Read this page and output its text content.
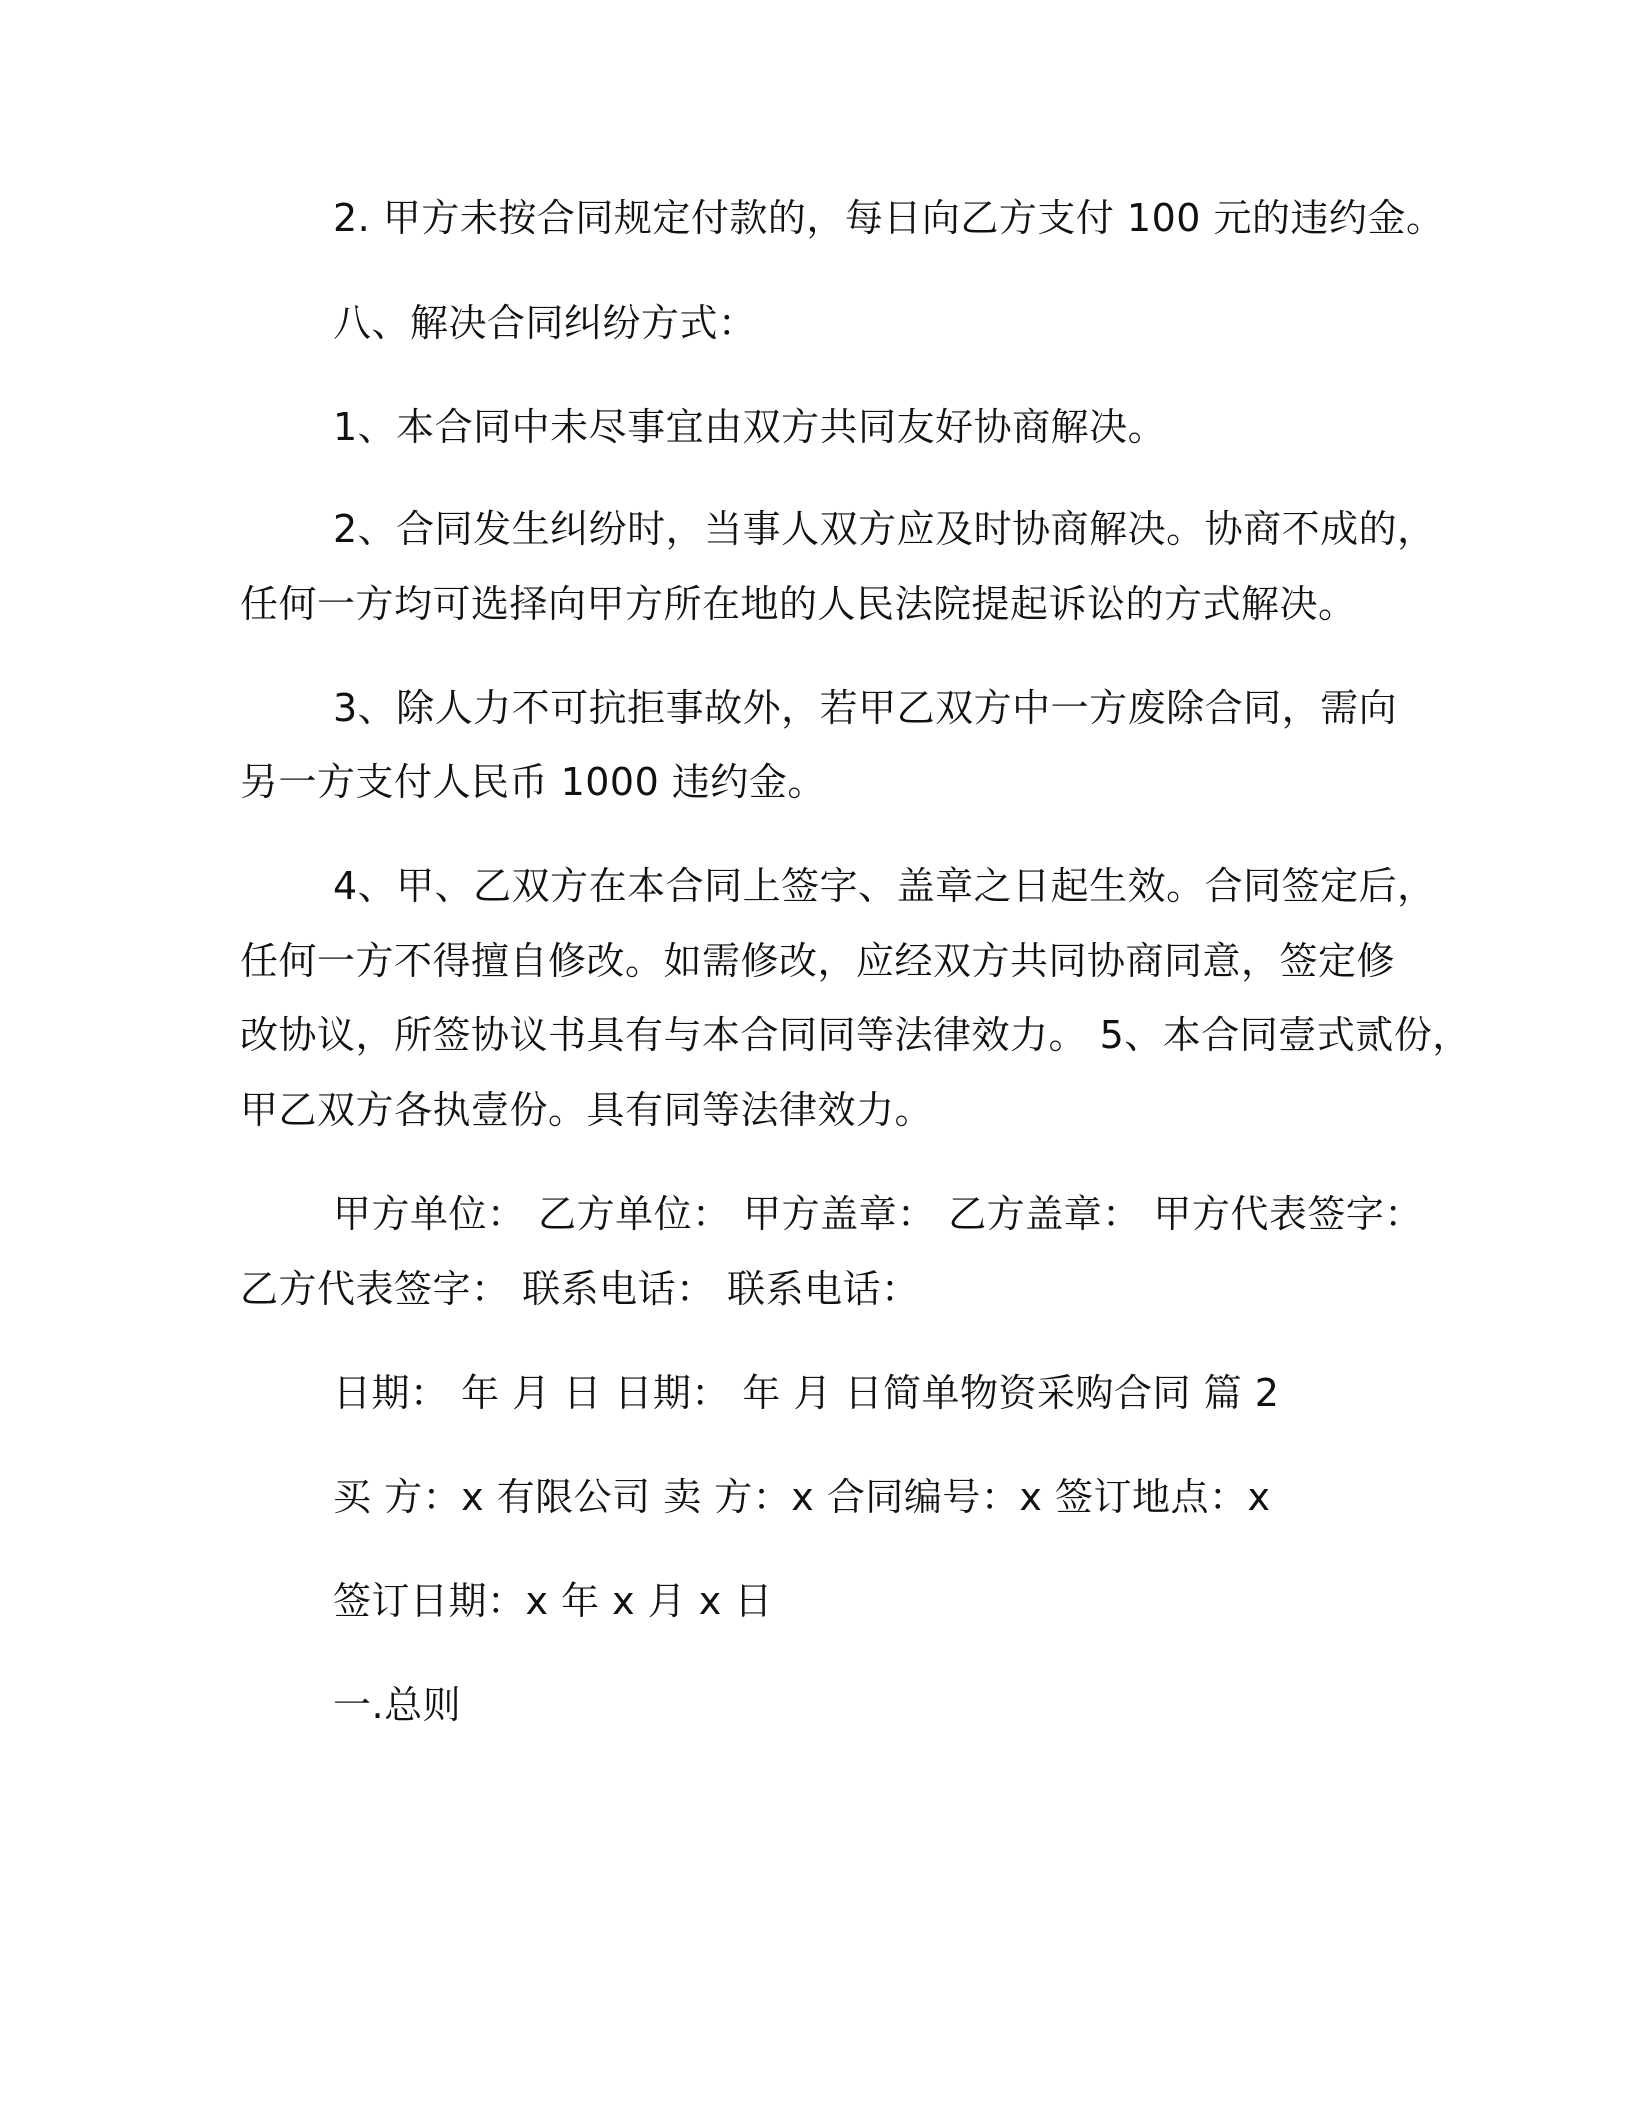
2. 甲方未按合同规定付款的，每日向乙方支付 100 元的违约金。
八、解决合同纠纷方式：
1、本合同中未尽事宜由双方共同友好协商解决。
2、合同发生纠纷时，当事人双方应及时协商解决。协商不成的，
任何一方均可选择向甲方所在地的人民法院提起诉讼的方式解决。
3、除人力不可抗拒事故外，若甲乙双方中一方废除合同，需向
另一方支付人民币 1000 违约金。
4、甲、乙双方在本合同上签字、盖章之日起生效。合同签定后，
任何一方不得擅自修改。如需修改，应经双方共同协商同意，签定修
改协议，所签协议书具有与本合同同等法律效力。 5、本合同壹式贰份，
甲乙双方各执壹份。具有同等法律效力。
甲方单位： 乙方单位： 甲方盖章： 乙方盖章： 甲方代表签字：
乙方代表签字： 联系电话： 联系电话：
日期： 年 月 日 日期： 年 月 日简单物资采购合同 篇 2
买 方：x 有限公司 卖 方：x 合同编号：x 签订地点：x
签订日期：x 年 x 月 x 日
一.总则
